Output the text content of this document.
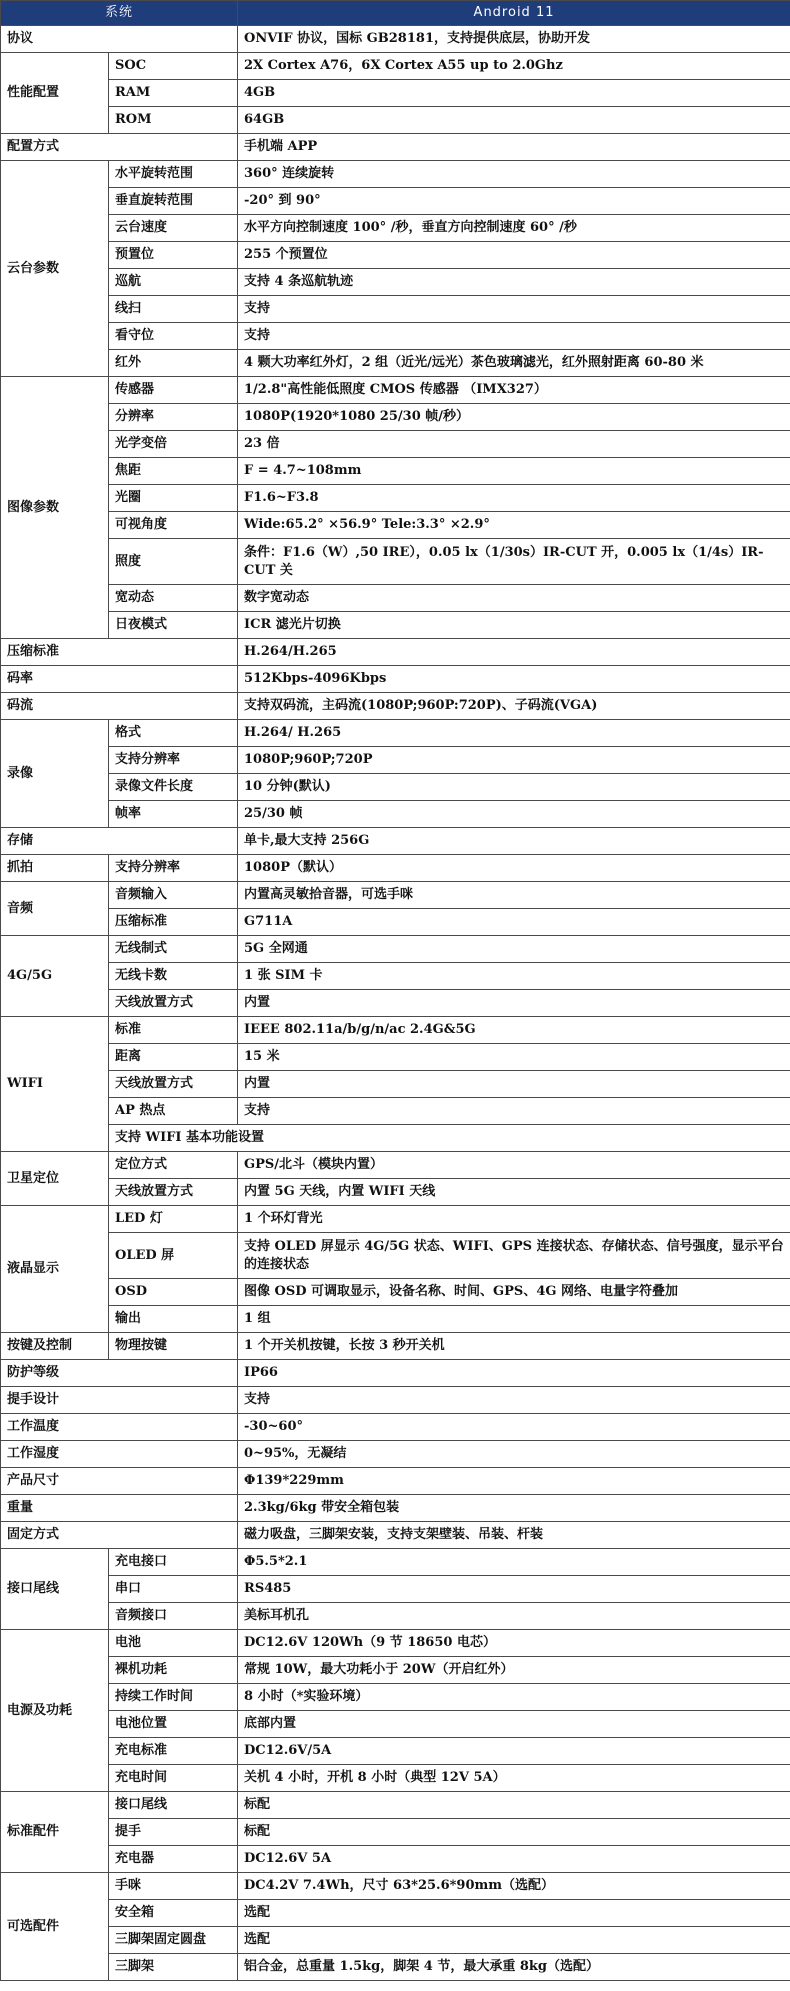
系统		Android 11
协议		ONVIF 协议，国标 GB28181，支持提供底层，协助开发
性能配置	SOC	2X Cortex A76，6X Cortex A55 up to 2.0Ghz
	RAM	4GB
	ROM	64GB
配置方式		手机端 APP
云台参数	水平旋转范围	360° 连续旋转
	垂直旋转范围	-20° 到 90°
	云台速度	水平方向控制速度 100° /秒，垂直方向控制速度 60° /秒
	预置位	255 个预置位
	巡航	支持 4 条巡航轨迹
	线扫	支持
	看守位	支持
	红外	4 颗大功率红外灯，2 组（近光/远光）茶色玻璃滤光，红外照射距离 60-80 米
图像参数	传感器	1/2.8"高性能低照度 CMOS 传感器 （IMX327）
	分辨率	1080P(1920*1080 25/30 帧/秒）
	光学变倍	23 倍
	焦距	F = 4.7~108mm
	光圈	F1.6~F3.8
	可视角度	Wide:65.2° ×56.9° Tele:3.3° ×2.9°
	照度	条件：F1.6（W）,50 IRE），0.05 lx（1/30s）IR-CUT 开，0.005 lx（1/4s）IR-CUT 关
	宽动态	数字宽动态
	日夜模式	ICR 滤光片切换
压缩标准		H.264/H.265
码率		512Kbps-4096Kbps
码流		支持双码流，主码流(1080P;960P:720P)、子码流(VGA)
录像	格式	H.264/ H.265
	支持分辨率	1080P;960P;720P
	录像文件长度	10 分钟(默认)
	帧率	25/30 帧
存储		单卡,最大支持 256G
抓拍	支持分辨率	1080P（默认）
音频	音频输入	内置高灵敏拾音器，可选手咪
	压缩标准	G711A
4G/5G	无线制式	5G 全网通
	无线卡数	1 张 SIM 卡
	天线放置方式	内置
WIFI	标准	IEEE 802.11a/b/g/n/ac 2.4G&5G
	距离	15 米
	天线放置方式	内置
	AP 热点	支持
	支持 WIFI 基本功能设置	
卫星定位	定位方式	GPS/北斗（模块内置）
	天线放置方式	内置 5G 天线，内置 WIFI 天线
液晶显示	LED 灯	1 个环灯背光
	OLED 屏	支持 OLED 屏显示 4G/5G 状态、WIFI、GPS 连接状态、存储状态、信号强度，显示平台的连接状态
	OSD	图像 OSD 可调取显示，设备名称、时间、GPS、4G 网络、电量字符叠加
	输出	1 组
按键及控制	物理按键	1 个开关机按键，长按 3 秒开关机
防护等级		IP66
提手设计		支持
工作温度		-30~60°
工作湿度		0~95%，无凝结
产品尺寸		Φ139*229mm
重量		2.3kg/6kg 带安全箱包装
固定方式		磁力吸盘，三脚架安装，支持支架壁装、吊装、杆装
接口尾线	充电接口	Φ5.5*2.1
	串口	RS485
	音频接口	美标耳机孔
电源及功耗	电池	DC12.6V 120Wh（9 节 18650 电芯）
	裸机功耗	常规 10W，最大功耗小于 20W（开启红外）
	持续工作时间	8 小时（*实验环境）
	电池位置	底部内置
	充电标准	DC12.6V/5A
	充电时间	关机 4 小时，开机 8 小时（典型 12V 5A）
标准配件	接口尾线	标配
	提手	标配
	充电器	DC12.6V 5A
可选配件	手咪	DC4.2V 7.4Wh，尺寸 63*25.6*90mm（选配）
	安全箱	选配
	三脚架固定圆盘	选配
	三脚架	铝合金，总重量 1.5kg，脚架 4 节，最大承重 8kg（选配）
